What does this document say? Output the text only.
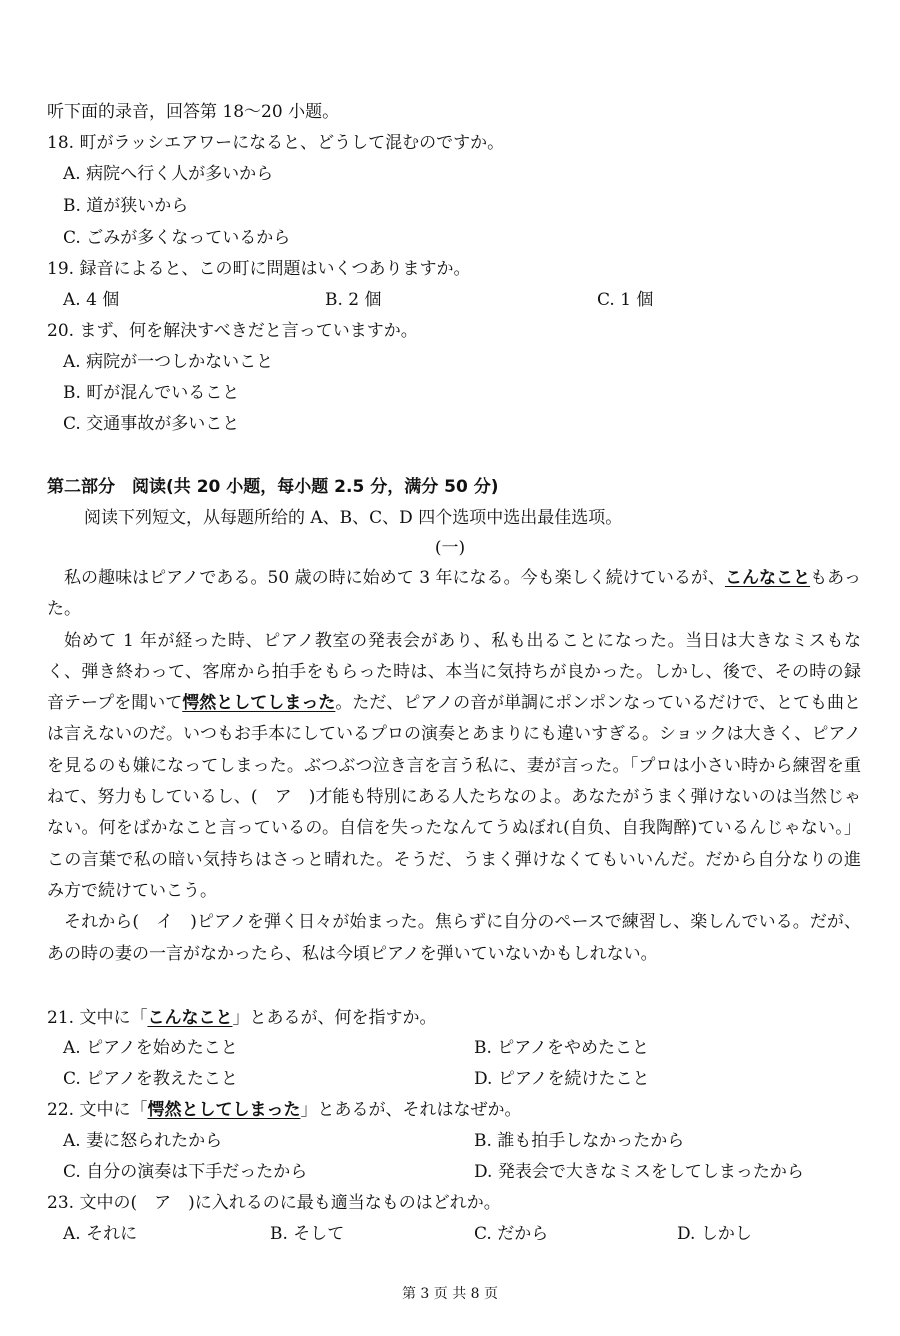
听下面的录音，回答第 18～20 小题。
18. 町がラッシエアワーになると、どうして混むのですか。
A. 病院へ行く人が多いから
B. 道が狭いから
C. ごみが多くなっているから
19. 録音によると、この町に問題はいくつありますか。
A. 4 個	B. 2 個	C. 1 個
20. まず、何を解決すべきだと言っていますか。
A. 病院が一つしかないこと
B. 町が混んでいること
C. 交通事故が多いこと
第二部分　阅读(共 20 小题，每小题 2.5 分，满分 50 分)
阅读下列短文，从每题所给的 A、B、C、D 四个选项中选出最佳选项。
(一)

私の趣味はピアノである。50 歳の時に始めて 3 年になる。今も楽しく続けているが、こんなこともあった。

始めて 1 年が経った時、ピアノ教室の発表会があり、私も出ることになった。当日は大きなミスもなく、弾き終わって、客席から拍手をもらった時は、本当に気持ちが良かった。しかし、後で、その時の録音テープを聞いて愕然としてしまった。ただ、ピアノの音が単調にポンポンなっているだけで、とても曲とは言えないのだ。いつもお手本にしているプロの演奏とあまりにも違いすぎる。ショックは大きく、ピアノを見るのも嫌になってしまった。ぶつぶつ泣き言を言う私に、妻が言った。「プロは小さい時から練習を重ねて、努力もしているし、(　ア　)才能も特別にある人たちなのよ。あなたがうまく弾けないのは当然じゃない。何をばかなこと言っているの。自信を失ったなんてうぬぼれ(自负、自我陶醉)ているんじゃない。」この言葉で私の暗い気持ちはさっと晴れた。そうだ、うまく弾けなくてもいいんだ。だから自分なりの進み方で続けていこう。

それから(　イ　)ピアノを弾く日々が始まった。焦らずに自分のペースで練習し、楽しんでいる。だが、あの時の妻の一言がなかったら、私は今頃ピアノを弾いていないかもしれない。

21. 文中に「こんなこと」とあるが、何を指すか。
A. ピアノを始めたこと	B. ピアノをやめたこと
C. ピアノを教えたこと	D. ピアノを続けたこと
22. 文中に「愕然としてしまった」とあるが、それはなぜか。
A. 妻に怒られたから	B. 誰も拍手しなかったから
C. 自分の演奏は下手だったから	D. 発表会で大きなミスをしてしまったから
23. 文中の(　ア　)に入れるのに最も適当なものはどれか。
A. それに	B. そして	C. だから	D. しかし
第 3 页 共 8 页
